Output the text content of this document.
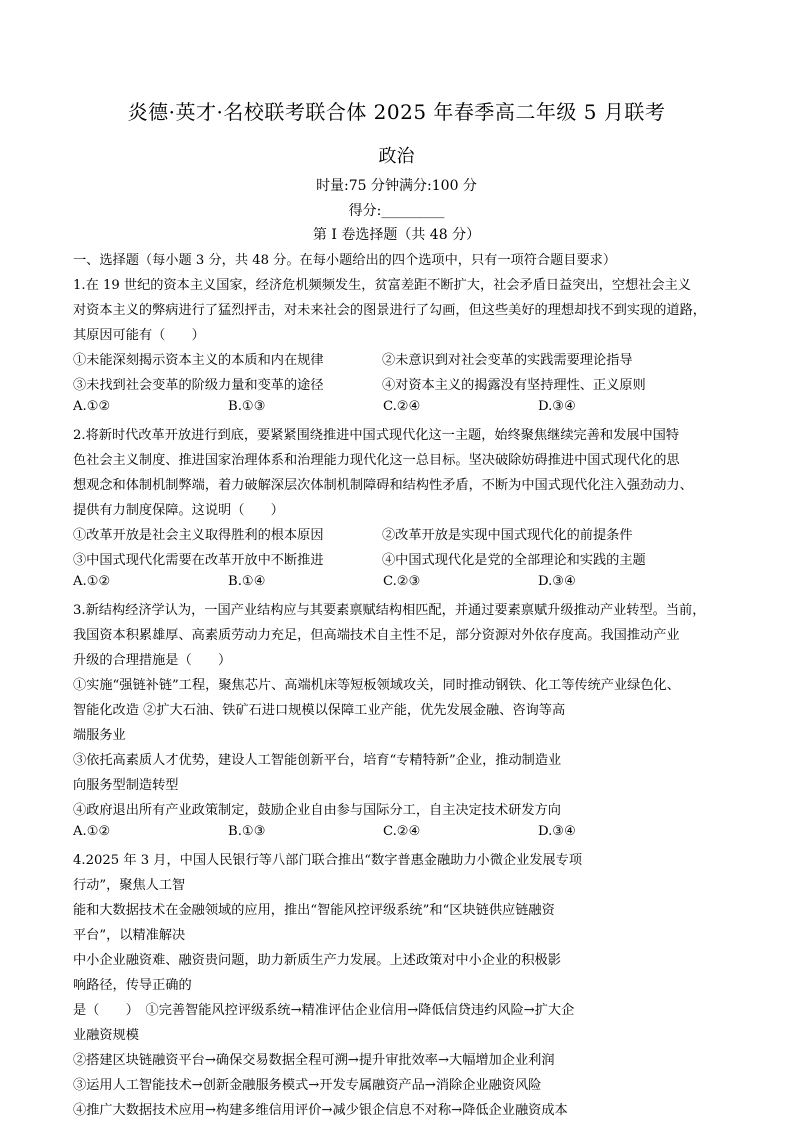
炎德·英才·名校联考联合体 2025 年春季高二年级 5 月联考
政治
时量:75 分钟满分:100 分
得分:_________
第 I 卷选择题（共 48 分）
一、选择题（每小题 3 分，共 48 分。在每小题给出的四个选项中，只有一项符合题目要求）
1.在 19 世纪的资本主义国家，经济危机频频发生，贫富差距不断扩大，社会矛盾日益突出，空想社会主义
对资本主义的弊病进行了猛烈抨击，对未来社会的图景进行了勾画，但这些美好的理想却找不到实现的道路，
其原因可能有（　　）
①未能深刻揭示资本主义的本质和内在规律	②未意识到对社会变革的实践需要理论指导
③未找到社会变革的阶级力量和变革的途径	④对资本主义的揭露没有坚持理性、正义原则
A.①②	B.①③	C.②④	D.③④
2.将新时代改革开放进行到底，要紧紧围绕推进中国式现代化这一主题，始终聚焦继续完善和发展中国特
色社会主义制度、推进国家治理体系和治理能力现代化这一总目标。坚决破除妨碍推进中国式现代化的思
想观念和体制机制弊端，着力破解深层次体制机制障碍和结构性矛盾，不断为中国式现代化注入强劲动力、
提供有力制度保障。这说明（　　）
①改革开放是社会主义取得胜利的根本原因	②改革开放是实现中国式现代化的前提条件
③中国式现代化需要在改革开放中不断推进	④中国式现代化是党的全部理论和实践的主题
A.①②	B.①④	C.②③	D.③④
3.新结构经济学认为，一国产业结构应与其要素禀赋结构相匹配，并通过要素禀赋升级推动产业转型。当前，
我国资本积累雄厚、高素质劳动力充足，但高端技术自主性不足，部分资源对外依存度高。我国推动产业
升级的合理措施是（　　）
①实施“强链补链”工程，聚焦芯片、高端机床等短板领域攻关，同时推动钢铁、化工等传统产业绿色化、
智能化改造 ②扩大石油、铁矿石进口规模以保障工业产能，优先发展金融、咨询等高
端服务业
③依托高素质人才优势，建设人工智能创新平台，培育“专精特新”企业，推动制造业
向服务型制造转型
④政府退出所有产业政策制定，鼓励企业自由参与国际分工，自主决定技术研发方向
A.①②	B.①③	C.②④	D.③④
4.2025 年 3 月，中国人民银行等八部门联合推出“数字普惠金融助力小微企业发展专项
行动”，聚焦人工智
能和大数据技术在金融领域的应用，推出“智能风控评级系统”和“区块链供应链融资
平台”，以精准解决
中小企业融资难、融资贵问题，助力新质生产力发展。上述政策对中小企业的积极影
响路径，传导正确的
是（　　）　①完善智能风控评级系统→精准评估企业信用→降低信贷违约风险→扩大企
业融资规模
②搭建区块链融资平台→确保交易数据全程可溯→提升审批效率→大幅增加企业利润
③运用人工智能技术→创新金融服务模式→开发专属融资产品→消除企业融资风险
④推广大数据技术应用→构建多维信用评价→减少银企信息不对称→降低企业融资成本
